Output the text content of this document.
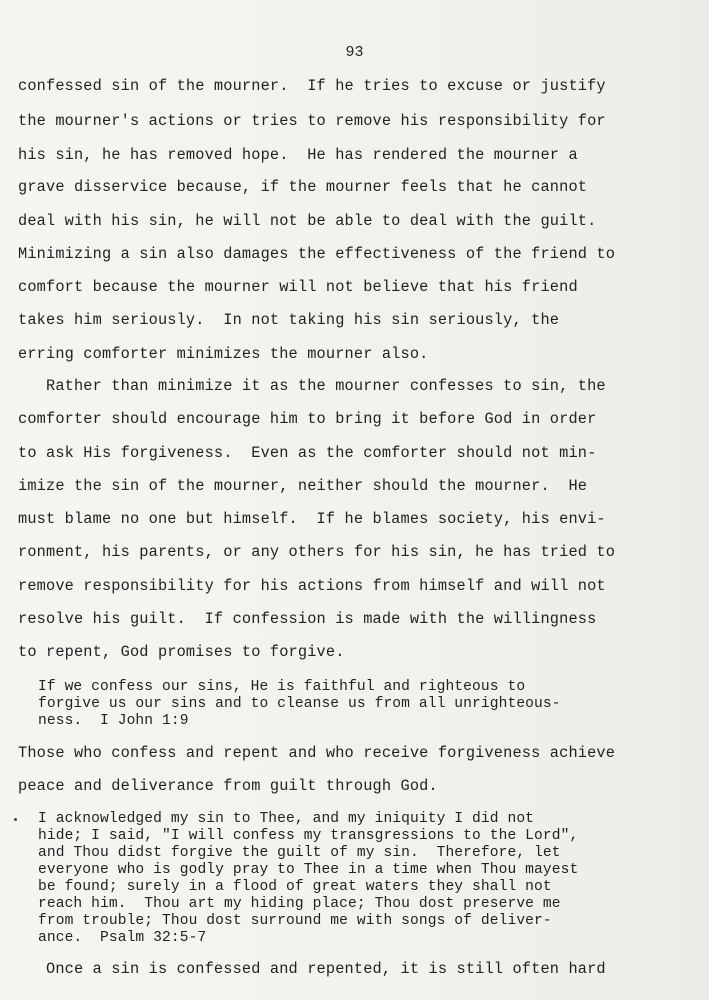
93
confessed sin of the mourner.  If he tries to excuse or justify
the mourner's actions or tries to remove his responsibility for
his sin, he has removed hope.  He has rendered the mourner a
grave disservice because, if the mourner feels that he cannot
deal with his sin, he will not be able to deal with the guilt.
Minimizing a sin also damages the effectiveness of the friend to
comfort because the mourner will not believe that his friend
takes him seriously.  In not taking his sin seriously, the
erring comforter minimizes the mourner also.
Rather than minimize it as the mourner confesses to sin, the
comforter should encourage him to bring it before God in order
to ask His forgiveness.  Even as the comforter should not min-
imize the sin of the mourner, neither should the mourner.  He
must blame no one but himself.  If he blames society, his envi-
ronment, his parents, or any others for his sin, he has tried to
remove responsibility for his actions from himself and will not
resolve his guilt.  If confession is made with the willingness
to repent, God promises to forgive.
If we confess our sins, He is faithful and righteous to
forgive us our sins and to cleanse us from all unrighteous-
ness.  I John 1:9
Those who confess and repent and who receive forgiveness achieve
peace and deliverance from guilt through God.
I acknowledged my sin to Thee, and my iniquity I did not
hide; I said, "I will confess my transgressions to the Lord",
and Thou didst forgive the guilt of my sin.  Therefore, let
everyone who is godly pray to Thee in a time when Thou mayest
be found; surely in a flood of great waters they shall not
reach him.  Thou art my hiding place; Thou dost preserve me
from trouble; Thou dost surround me with songs of deliver-
ance.  Psalm 32:5-7
Once a sin is confessed and repented, it is still often hard
